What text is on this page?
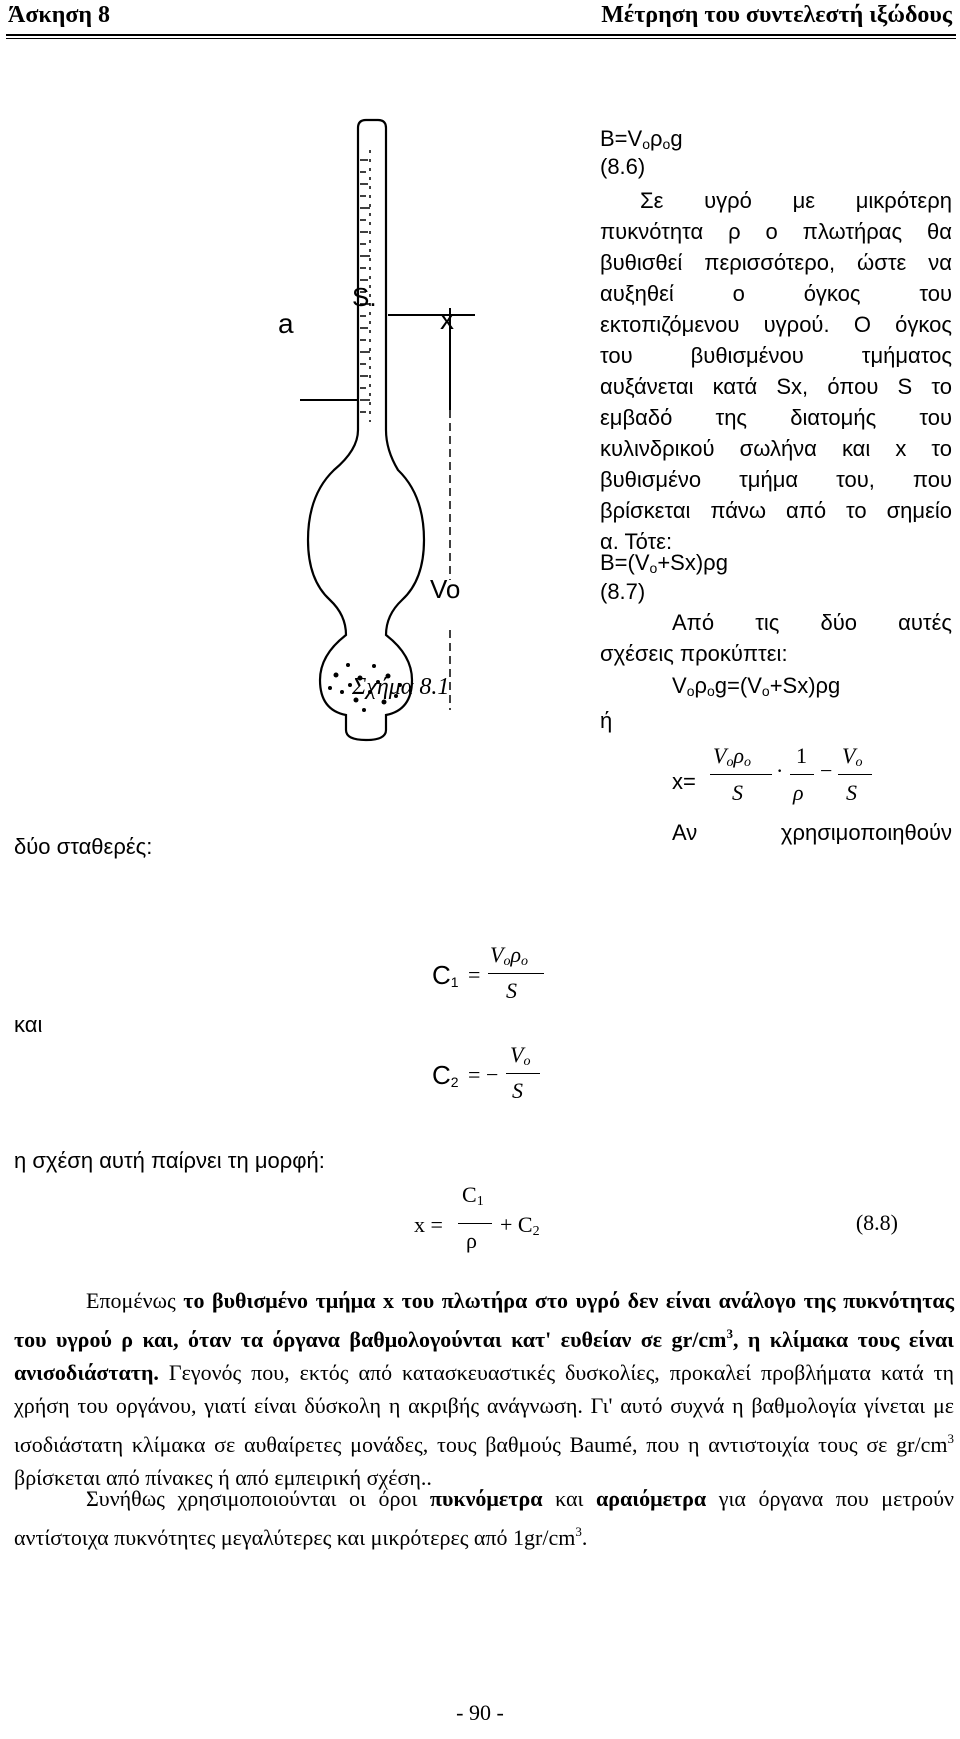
Άσκηση 8	Μέτρηση του συντελεστή ιξώδους
S.
x
a
Vo
Σχήμα 8.1
$B=V_o\rho_og$
(8.6)
Σε υγρό με μικρότερη
πυκνότητα ρ ο πλωτήρας θα
βυθισθεί περισσότερο, ώστε να
αυξηθεί ο όγκος του
εκτοπιζόμενου υγρού. Ο όγκος
του βυθισμένου τμήματος
αυξάνεται κατά Sx, όπου S το
εμβαδό της διατομής του
κυλινδρικού σωλήνα και x το
βυθισμένο τμήμα του, που
βρίσκεται πάνω από το σημείο
α. Τότε:
$B=(V_o+Sx)\rho g$
(8.7)
Από τις δύο αυτές
σχέσεις προκύπτει:
$V_o\rho_og=(V_o+Sx)\rho g$
ή
x=
$V_o\rho_o$
S
·
1
ρ
−
$V_o$
S
Αν	χρησιμοποιηθούν
δύο σταθερές:
$C_1$ =
$V_o\rho_o$
S
και
$C_2$ = −
$V_o$
S
η σχέση αυτή παίρνει τη μορφή:
x =
$C_1$
ρ
+ $C_2$	(8.8)
Επομένως το βυθισμένο τμήμα x του πλωτήρα στο υγρό δεν είναι ανάλογο της πυκνότητας του υγρού ρ και, όταν τα όργανα βαθμολογούνται κατ' ευθείαν σε $gr/cm^3$, η κλίμακα τους είναι ανισοδιάστατη. Γεγονός που, εκτός από κατασκευαστικές δυσκολίες, προκαλεί προβλήματα κατά τη χρήση του οργάνου, γιατί είναι δύσκολη η ακριβής ανάγνωση. Γι' αυτό συχνά η βαθμολογία γίνεται με ισοδιάστατη κλίμακα σε αυθαίρετες μονάδες, τους βαθμούς Baumé, που η αντιστοιχία τους σε $gr/cm^3$ βρίσκεται από πίνακες ή από εμπειρική σχέση..
Συνήθως χρησιμοποιούνται οι όροι πυκνόμετρα και αραιόμετρα για όργανα που μετρούν αντίστοιχα πυκνότητες μεγαλύτερες και μικρότερες από $1gr/cm^3$.
- 90 -
